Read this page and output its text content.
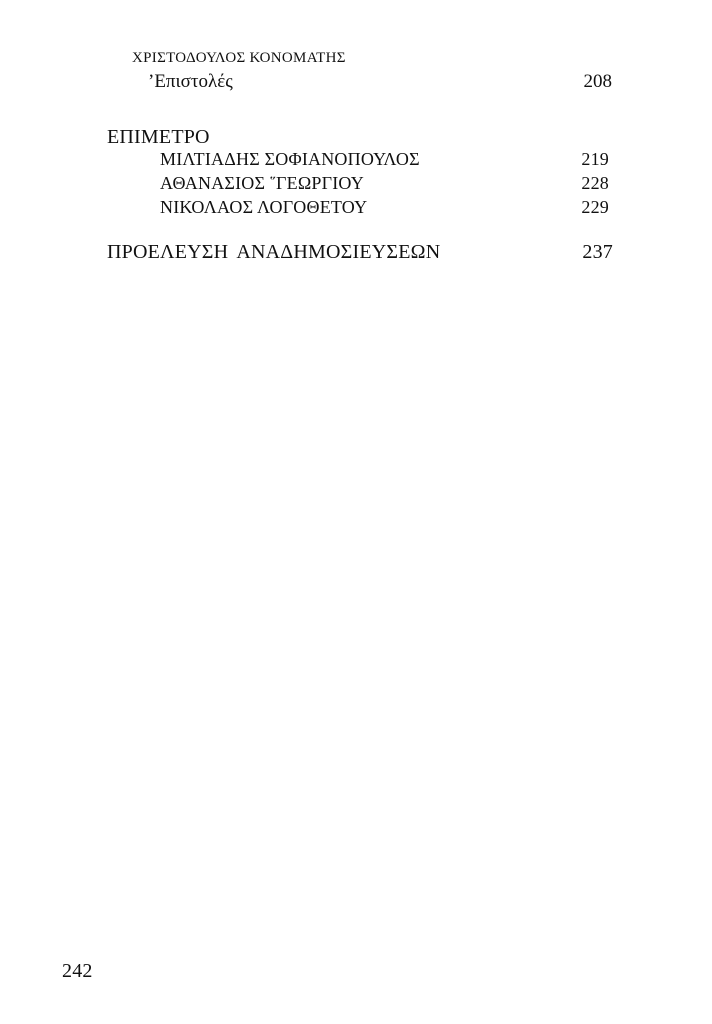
ΧΡΙΣΤΟΔΟΥΛΟΣ ΚΟΝΟΜΑΤΗΣ
’Επιστολές	208
ΕΠΙΜΕΤΡΟ
ΜΙΛΤΙΑΔΗΣ ΣΟΦΙΑΝΟΠΟΥΛΟΣ	219
ΑΘΑΝΑΣΙΟΣ ῞ΓΕΩΡΓΙΟΥ	228
ΝΙΚΟΛΑΟΣ ΛΟΓΟΘΕΤΟΥ	229
ΠΡΟΕΛΕΥΣΗ ΑΝΑΔΗΜΟΣΙΕΥΣΕΩΝ	237
242
